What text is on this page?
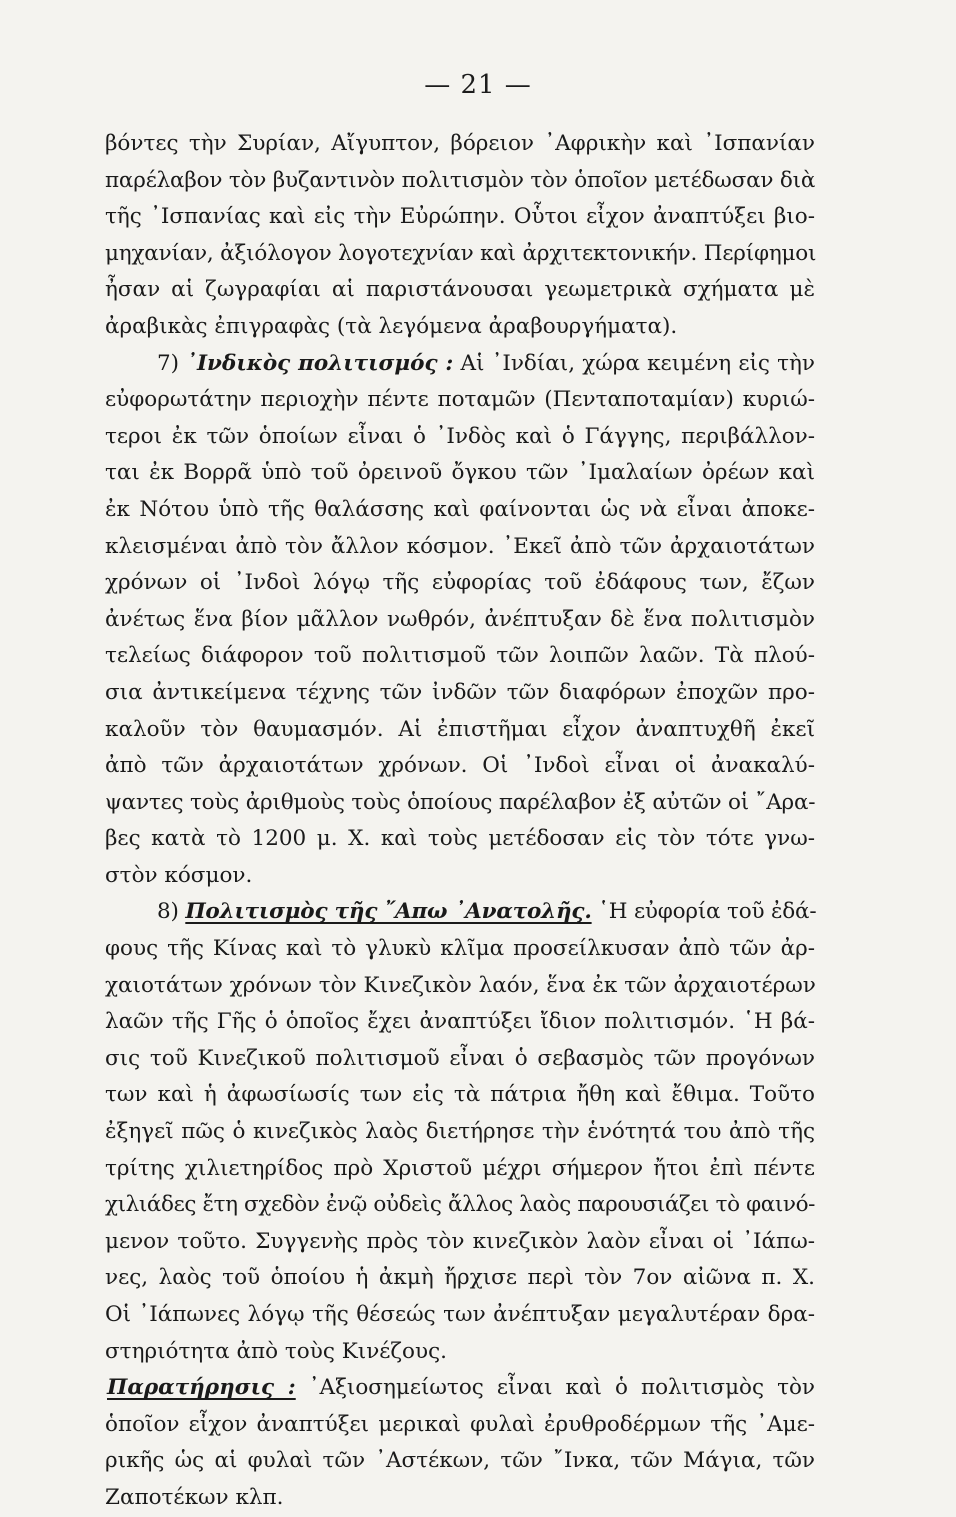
— 21 —
βόντες τὴν Συρίαν, Αἴγυπτον, βόρειον ᾿Αφρικὴν καὶ ᾿Ισπανίαν
παρέλαβον τὸν βυζαντινὸν πολιτισμὸν τὸν ὁποῖον μετέδωσαν διὰ
τῆς ᾿Ισπανίας καὶ εἰς τὴν Εὐρώπην. Οὗτοι εἶχον ἀναπτύξει βιο-
μηχανίαν, ἀξιόλογον λογοτεχνίαν καὶ ἀρχιτεκτονικήν. Περίφημοι
ἦσαν αἱ ζωγραφίαι αἱ παριστάνουσαι γεωμετρικὰ σχήματα μὲ
ἀραβικὰς ἐπιγραφὰς (τὰ λεγόμενα ἀραβουργήματα).
7) ᾿Ινδικὸς πολιτισμός : Αἱ ᾿Ινδίαι, χώρα κειμένη εἰς τὴν
εὐφορωτάτην περιοχὴν πέντε ποταμῶν (Πενταποταμίαν) κυριώ-
τεροι ἐκ τῶν ὁποίων εἶναι ὁ ᾿Ινδὸς καὶ ὁ Γάγγης, περιβάλλον-
ται ἐκ Βορρᾶ ὑπὸ τοῦ ὀρεινοῦ ὄγκου τῶν ᾿Ιμαλαίων ὀρέων καὶ
ἐκ Νότου ὑπὸ τῆς θαλάσσης καὶ φαίνονται ὡς νὰ εἶναι ἀποκε-
κλεισμέναι ἀπὸ τὸν ἄλλον κόσμον. ᾿Εκεῖ ἀπὸ τῶν ἀρχαιοτάτων
χρόνων οἱ ᾿Ινδοὶ λόγῳ τῆς εὐφορίας τοῦ ἐδάφους των, ἔζων
ἀνέτως ἕνα βίον μᾶλλον νωθρόν, ἀνέπτυξαν δὲ ἕνα πολιτισμὸν
τελείως διάφορον τοῦ πολιτισμοῦ τῶν λοιπῶν λαῶν. Τὰ πλού-
σια ἀντικείμενα τέχνης τῶν ἰνδῶν τῶν διαφόρων ἐποχῶν προ-
καλοῦν τὸν θαυμασμόν. Αἱ ἐπιστῆμαι εἶχον ἀναπτυχθῆ ἐκεῖ
ἀπὸ τῶν ἀρχαιοτάτων χρόνων. Οἱ ᾿Ινδοὶ εἶναι οἱ ἀνακαλύ-
ψαντες τοὺς ἀριθμοὺς τοὺς ὁποίους παρέλαβον ἐξ αὐτῶν οἱ ῎Αρα-
βες κατὰ τὸ 1200 μ. Χ. καὶ τοὺς μετέδοσαν εἰς τὸν τότε γνω-
στὸν κόσμον.
8) Πολιτισμὸς τῆς ῎Απω ᾿Ανατολῆς. ῾Η εὐφορία τοῦ ἐδά-
φους τῆς Κίνας καὶ τὸ γλυκὺ κλῖμα προσείλκυσαν ἀπὸ τῶν ἀρ-
χαιοτάτων χρόνων τὸν Κινεζικὸν λαόν, ἕνα ἐκ τῶν ἀρχαιοτέρων
λαῶν τῆς Γῆς ὁ ὁποῖος ἔχει ἀναπτύξει ἴδιον πολιτισμόν. ῾Η βά-
σις τοῦ Κινεζικοῦ πολιτισμοῦ εἶναι ὁ σεβασμὸς τῶν προγόνων
των καὶ ἡ ἀφωσίωσίς των εἰς τὰ πάτρια ἤθη καὶ ἔθιμα. Τοῦτο
ἐξηγεῖ πῶς ὁ κινεζικὸς λαὸς διετήρησε τὴν ἑνότητά του ἀπὸ τῆς
τρίτης χιλιετηρίδος πρὸ Χριστοῦ μέχρι σήμερον ἤτοι ἐπὶ πέντε
χιλιάδες ἔτη σχεδὸν ἐνῷ οὐδεὶς ἄλλος λαὸς παρουσιάζει τὸ φαινό-
μενον τοῦτο. Συγγενὴς πρὸς τὸν κινεζικὸν λαὸν εἶναι οἱ ᾿Ιάπω-
νες, λαὸς τοῦ ὁποίου ἡ ἀκμὴ ἤρχισε περὶ τὸν 7ον αἰῶνα π. Χ.
Οἱ ᾿Ιάπωνες λόγῳ τῆς θέσεώς των ἀνέπτυξαν μεγαλυτέραν δρα-
στηριότητα ἀπὸ τοὺς Κινέζους.
Παρατήρησις : ᾿Αξιοσημείωτος εἶναι καὶ ὁ πολιτισμὸς τὸν
ὁποῖον εἶχον ἀναπτύξει μερικαὶ φυλαὶ ἐρυθροδέρμων τῆς ᾿Αμε-
ρικῆς ὡς αἱ φυλαὶ τῶν ᾿Αστέκων, τῶν ῎Ινκα, τῶν Μάγια, τῶν
Ζαποτέκων κλπ.
